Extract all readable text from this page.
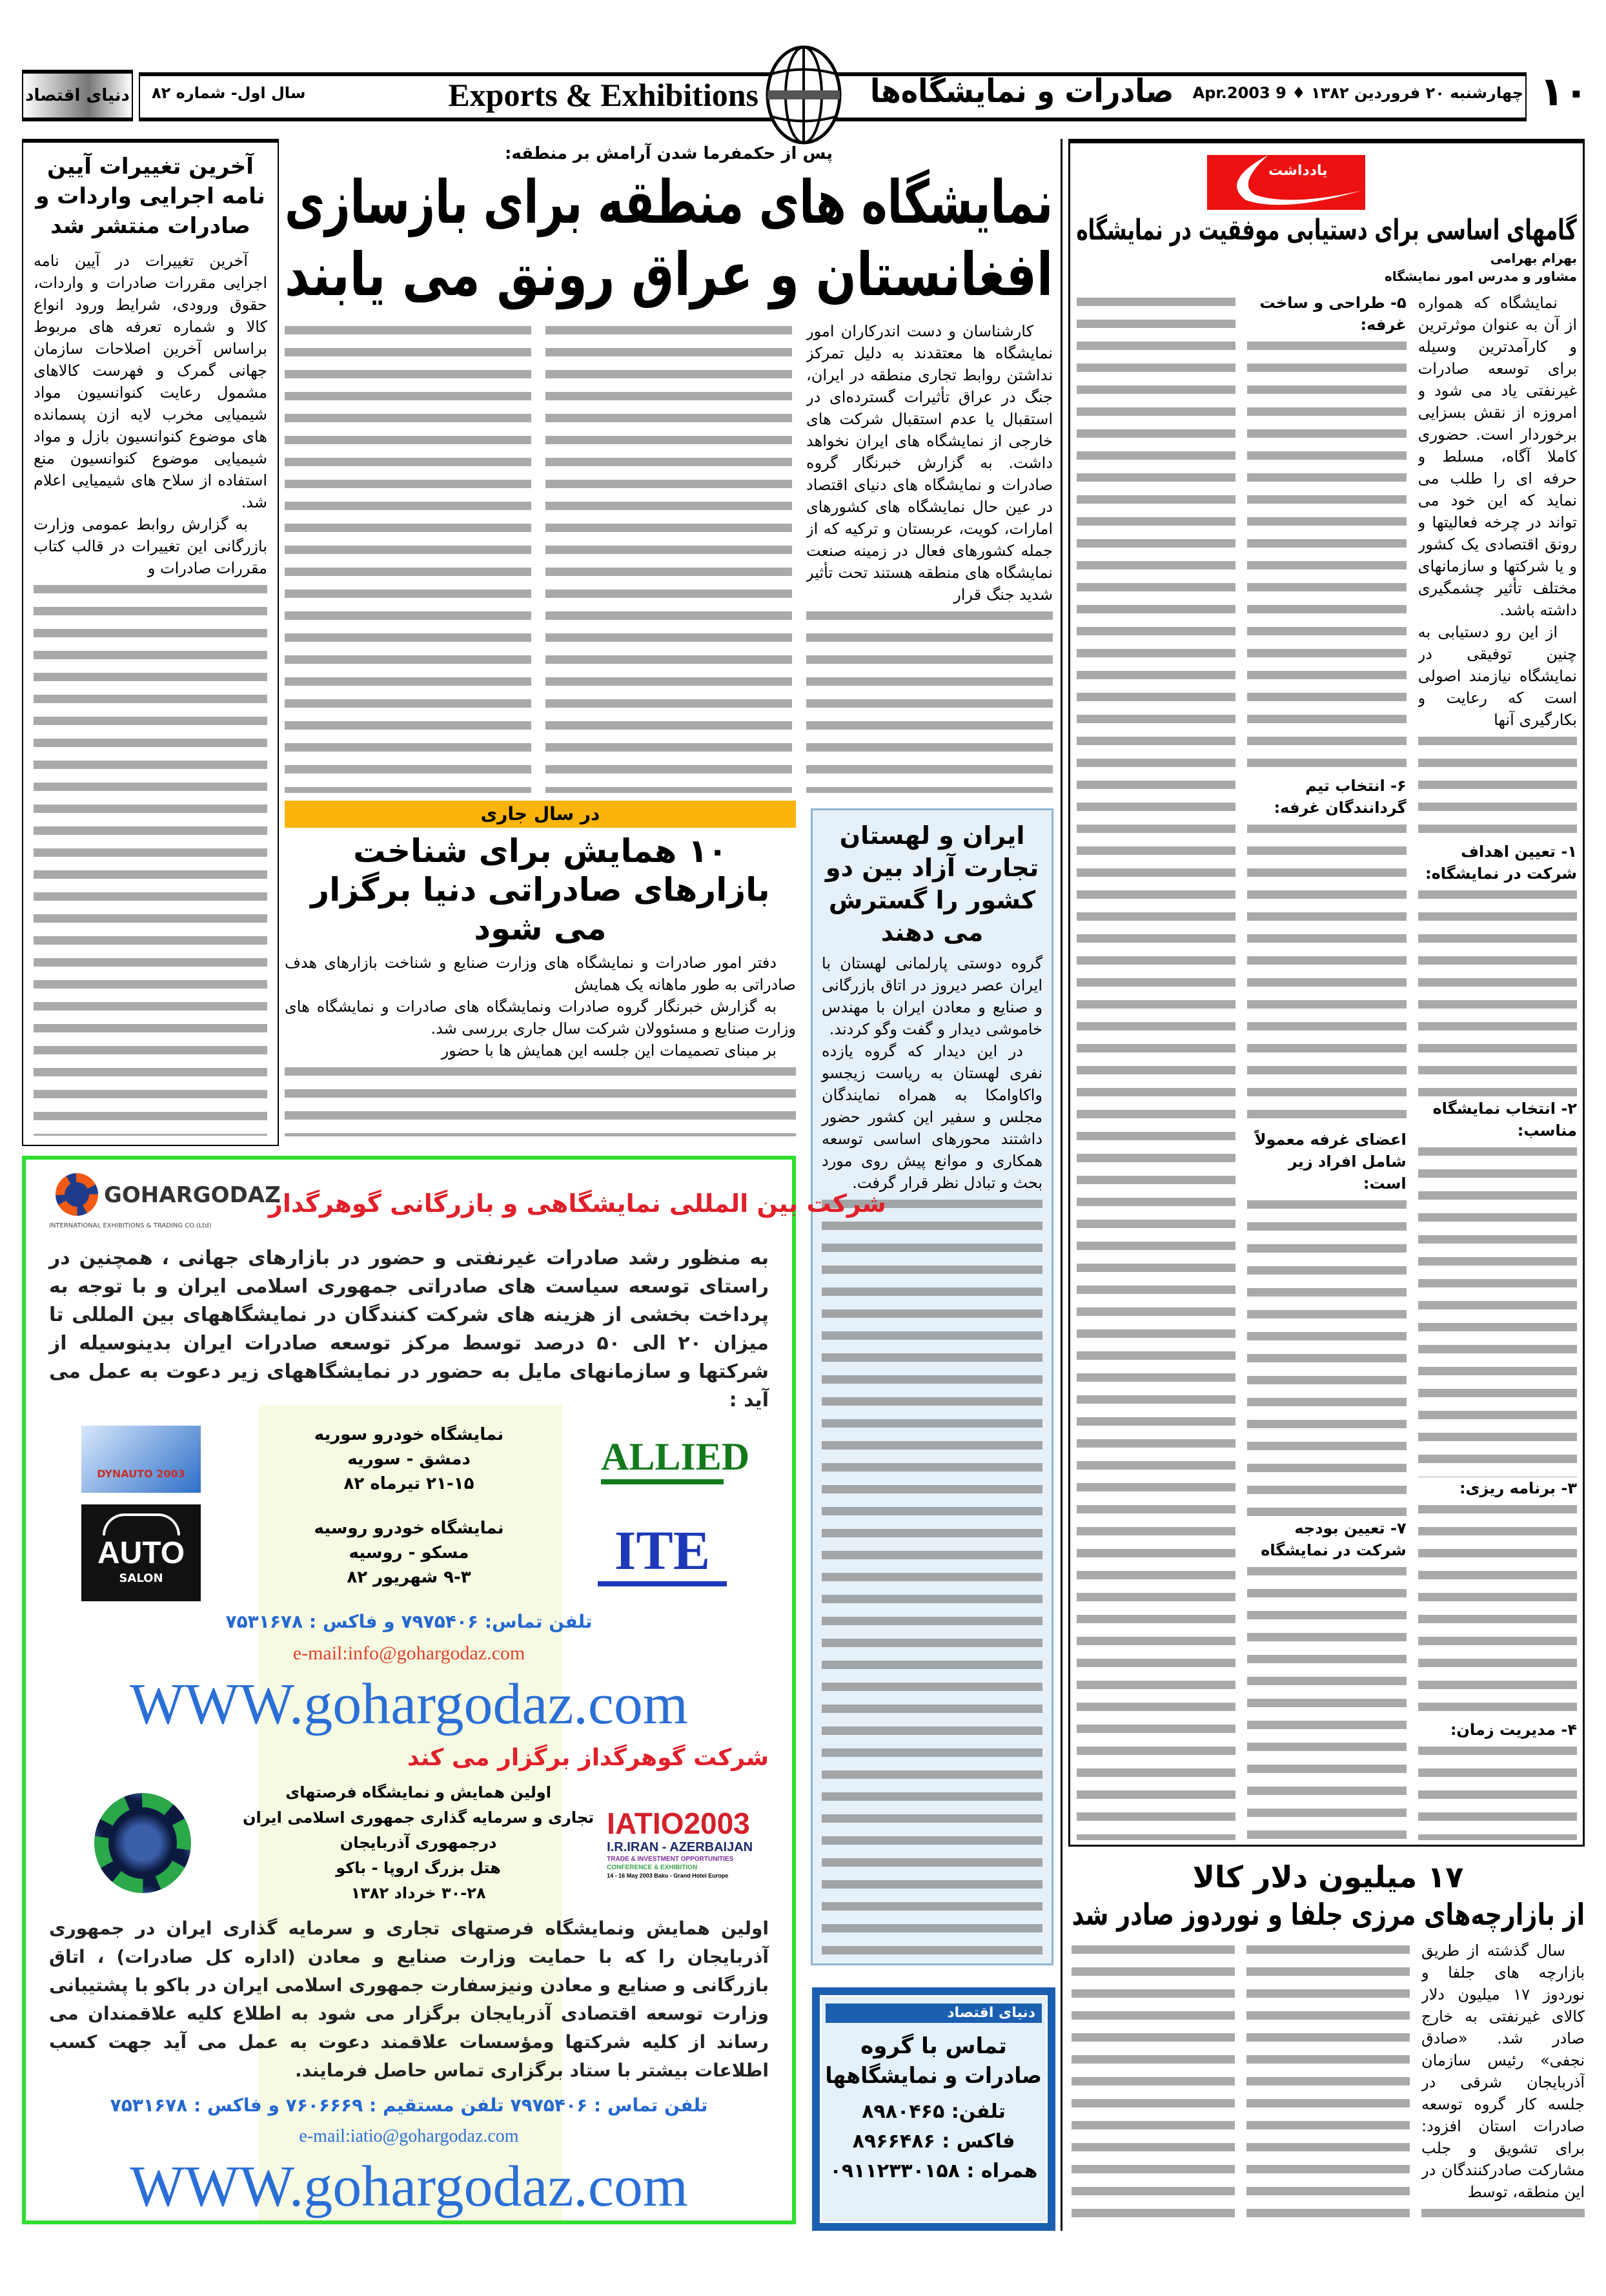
دنیای اقتصاد سال اول- شماره ۸۲	Exports & Exhibitions	صادرات و نمایشگاه‌ها	چهارشنبه ۲۰ فروردین ۱۳۸۲ ♦ 9 Apr.2003 ۱۰
آخرین تغییرات آیین نامه اجرایی واردات و صادرات منتشر شد
آخرین تغییرات در آیین نامه اجرایی مقررات صادرات و واردات، حقوق ورودی، شرایط ورود انواع کالا و شماره تعرفه های مربوط براساس آخرین اصلاحات سازمان جهانی گمرک و فهرست کالاهای مشمول رعایت کنوانسیون مواد شیمیایی مخرب لایه ازن پسمانده های موضوع کنوانسیون بازل و مواد شیمیایی موضوع کنوانسیون منع استفاده از سلاح های شیمیایی اعلام شد.
به گزارش روابط عمومی وزارت بازرگانی این تغییرات در قالب کتاب مقررات صادرات و
پس از حکمفرما شدن آرامش بر منطقه:
نمایشگاه های منطقه برای بازسازی
افغانستان و عراق رونق می یابند
کارشناسان و دست اندرکاران امور نمایشگاه ها معتقدند به دلیل تمرکز نداشتن روابط تجاری منطقه در ایران، جنگ در عراق تأثیرات گسترده‌ای در استقبال یا عدم استقبال شرکت های خارجی از نمایشگاه های ایران نخواهد داشت. به گزارش خبرنگار گروه صادرات و نمایشگاه های دنیای اقتصاد در عین حال نمایشگاه های کشورهای امارات، کویت، عربستان و ترکیه که از جمله کشورهای فعال در زمینه صنعت نمایشگاه های منطقه هستند تحت تأثیر شدید جنگ قرار
در سال جاری
۱۰ همایش برای شناخت بازارهای صادراتی دنیا برگزار می شود
دفتر امور صادرات و نمایشگاه های وزارت صنایع و شناخت بازارهای هدف صادراتی به طور ماهانه یک همایش
به گزارش خبرنگار گروه صادرات ونمایشگاه های صادرات و نمایشگاه های وزارت صنایع و مسئوولان شرکت سال جاری بررسی شد.
بر مبنای تصمیمات این جلسه این همایش ها با حضور
ایران و لهستان تجارت آزاد بین دو کشور را گسترش می دهند
گروه دوستی پارلمانی لهستان با ایران عصر دیروز در اتاق بازرگانی و صنایع و معادن ایران با مهندس خاموشی دیدار و گفت وگو کردند.
در این دیدار که گروه یازده نفری لهستان به ریاست زیجسو واکاوامکا به همراه نمایندگان مجلس و سفیر این کشور حضور داشتند محورهای اساسی توسعه همکاری و موانع پیش روی مورد بحث و تبادل نظر قرار گرفت.
دنیای اقتصاد
تماس با گروه
صادرات و نمایشگاهها
تلفن: ۸۹۸۰۴۶۵
فاکس : ۸۹۶۶۴۸۶
همراه : ۰۹۱۱۲۳۳۰۱۵۸
GOHARGODAZ
INTERNATIONAL EXHIBITIONS & TRADING CO.(Ltd)
شرکت بین المللی نمایشگاهی و بازرگانی گوهرگداز
به منظور رشد صادرات غیرنفتی و حضور در بازارهای جهانی ، همچنین در راستای توسعه سیاست های صادراتی جمهوری اسلامی ایران و با توجه به پرداخت بخشی از هزینه های شرکت کنندگان در نمایشگاههای بین المللی تا میزان ۲۰ الی ۵۰ درصد توسط مرکز توسعه صادرات ایران بدینوسیله از شرکتها و سازمانهای مایل به حضور در نمایشگاههای زیر دعوت به عمل می آید :
DYNAUTO 2003
نمایشگاه خودرو سوریه
دمشق - سوریه
۲۱-۱۵ تیرماه ۸۲
ALLIED
AUTO
SALON
نمایشگاه خودرو روسیه
مسکو - روسیه
۹-۳ شهریور ۸۲	ITE
تلفن تماس: ۷۹۷۵۴۰۶ و فاکس : ۷۵۳۱۶۷۸
e-mail:info@gohargodaz.com
WWW.gohargodaz.com
شرکت گوهرگداز برگزار می کند
اولین همایش و نمایشگاه فرصتهای
تجاری و سرمایه گذاری جمهوری اسلامی ایران
درجمهوری آذربایجان
هتل بزرگ اروپا - باکو
۳۰-۲۸ خرداد ۱۳۸۲
IATIO2003
I.R.IRAN - AZERBAIJAN
TRADE & INVESTMENT OPPORTUNITIES
CONFERENCE & EXHIBITION
14 - 16 May 2003 Baku - Grand Hotel Europe
اولین همایش ونمایشگاه فرصتهای تجاری و سرمایه گذاری ایران در جمهوری آذربایجان را که با حمایت وزارت صنایع و معادن (اداره کل صادرات) ، اتاق بازرگانی و صنایع و معادن ونیزسفارت جمهوری اسلامی ایران در باکو با پشتیبانی وزارت توسعه اقتصادی آذربایجان برگزار می شود به اطلاع کلیه علاقمندان می رساند از کلیه شرکتها ومؤسسات علاقمند دعوت به عمل می آید جهت کسب اطلاعات بیشتر با ستاد برگزاری تماس حاصل فرمایند.
تلفن تماس : ۷۹۷۵۴۰۶ تلفن مستقیم : ۷۶۰۶۶۶۹ و فاکس : ۷۵۳۱۶۷۸
e-mail:iatio@gohargodaz.com
WWW.gohargodaz.com
یادداشت
گامهای اساسی برای دستیابی موفقیت در نمایشگاه
بهرام بهرامی
مشاور و مدرس امور نمایشگاه
نمایشگاه که همواره از آن به عنوان موثرترین و کارآمدترین وسیله برای توسعه صادرات غیرنفتی یاد می شود و امروزه از نقش بسزایی برخوردار است. حضوری کاملا آگاه، مسلط و حرفه ای را طلب می نماید که این خود می تواند در چرخه فعالیتها و رونق اقتصادی یک کشور و یا شرکتها و سازمانهای مختلف تأثیر چشمگیری داشته باشد.
از این رو دستیابی به چنین توفیقی در نمایشگاه نیازمند اصولی است که رعایت و بکارگیری آنها
۱- تعیین اهداف شرکت در نمایشگاه:
۲- انتخاب نمایشگاه مناسب:
۳- برنامه ریزی:
۴- مدیریت زمان:
۵- طراحی و ساخت غرفه:
۶- انتخاب تیم گردانندگان غرفه:
اعضای غرفه معمولاً شامل افراد زیر است:
۷- تعیین بودجه شرکت در نمایشگاه
۱۷ میلیون دلار کالا
از بازارچه‌های مرزی جلفا و نوردوز صادر شد
سال گذشته از طریق بازارچه های جلفا و نوردوز ۱۷ میلیون دلار کالای غیرنفتی به خارج صادر شد. «صادق نجفی» رئیس سازمان آذربایجان شرقی در جلسه کار گروه توسعه صادرات استان افزود: برای تشویق و جلب مشارکت صادرکنندگان در این منطقه، توسط
